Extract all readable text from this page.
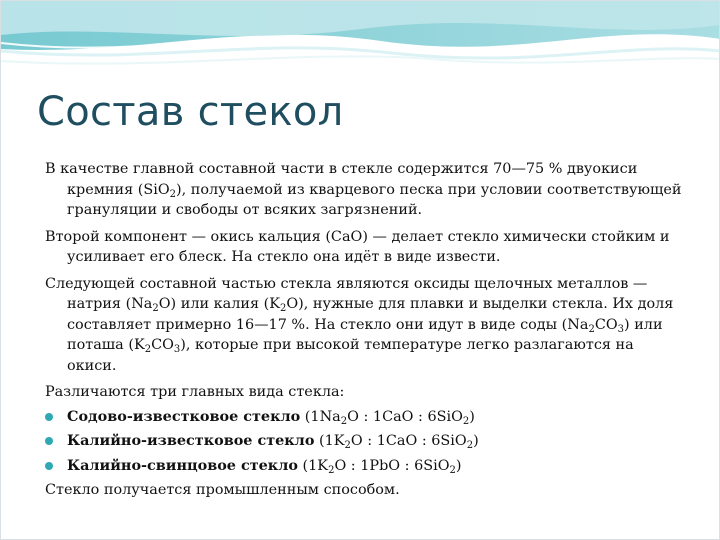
Состав стекол

В качестве главной составной части в стекле содержится 70—75 % двуокиси кремния (SiO$_2$), получаемой из кварцевого песка при условии соответствующей грануляции и свободы от всяких загрязнений.

Второй компонент — окись кальция (CaO) — делает стекло химически стойким и усиливает его блеск. На стекло она идёт в виде извести.

Следующей составной частью стекла являются оксиды щелочных металлов — натрия $(Na_2O)$ или калия $(K_2O)$, нужные для плавки и выделки стекла. Их доля составляет примерно 16—17 %. На стекло они идут в виде соды $(Na_2CO_3)$ или поташа $(K_2CO_3)$, которые при высокой температуре легко разлагаются на окиси.

Различаются три главных вида стекла:

Содово-известковое стекло ($1Na_2O$ : 1CaO : 6SiO$_2$)
Калийно-известковое стекло ($1K_2O$ : 1CaO : 6SiO$_2$)
Калийно-свинцовое стекло ($1K_2O$ : 1PbO : 6SiO$_2$)

Стекло получается промышленным способом.
